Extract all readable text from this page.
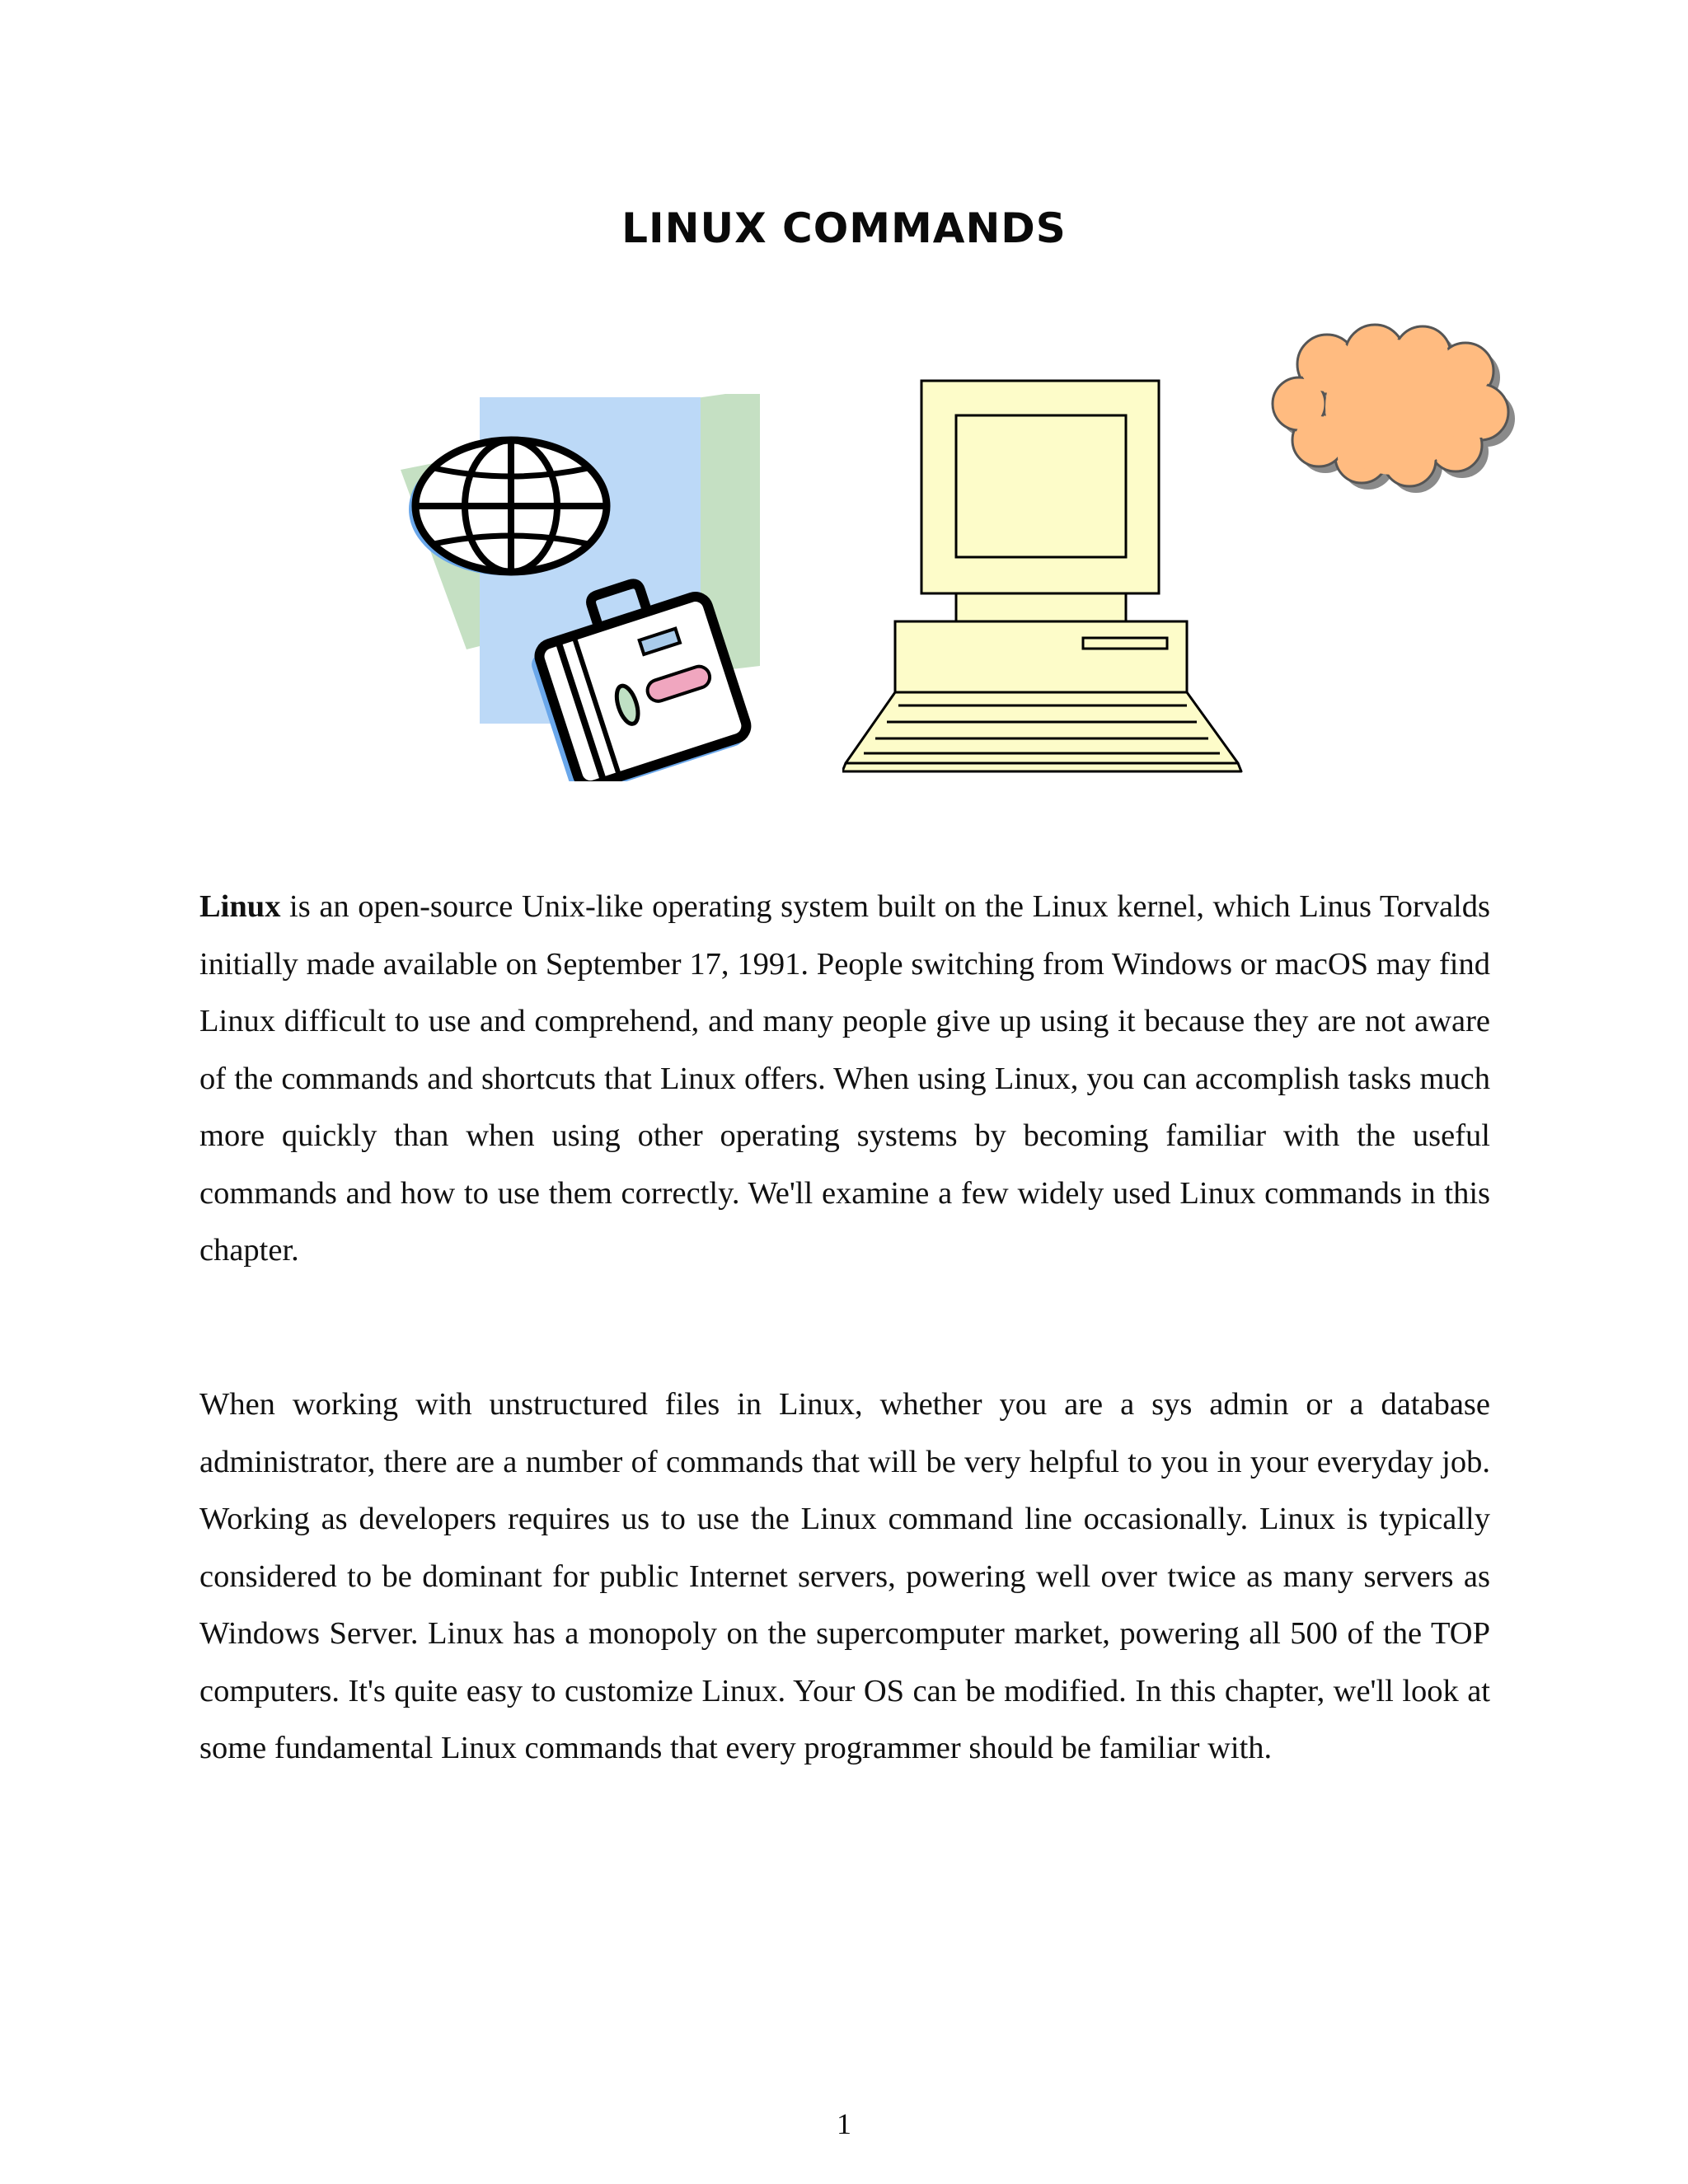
LINUX COMMANDS

Linux is an open-source Unix-like operating system built on the Linux kernel, which Linus Torvalds initially made available on September 17, 1991. People switching from Windows or macOS may find Linux difficult to use and comprehend, and many people give up using it because they are not aware of the commands and shortcuts that Linux offers. When using Linux, you can accomplish tasks much more quickly than when using other operating systems by becoming familiar with the useful commands and how to use them correctly. We'll examine a few widely used Linux commands in this chapter.

When working with unstructured files in Linux, whether you are a sys admin or a database administrator, there are a number of commands that will be very helpful to you in your everyday job. Working as developers requires us to use the Linux command line occasionally. Linux is typically considered to be dominant for public Internet servers, powering well over twice as many servers as Windows Server. Linux has a monopoly on the supercomputer market, powering all 500 of the TOP computers. It's quite easy to customize Linux. Your OS can be modified. In this chapter, we'll look at some fundamental Linux commands that every programmer should be familiar with.

1
